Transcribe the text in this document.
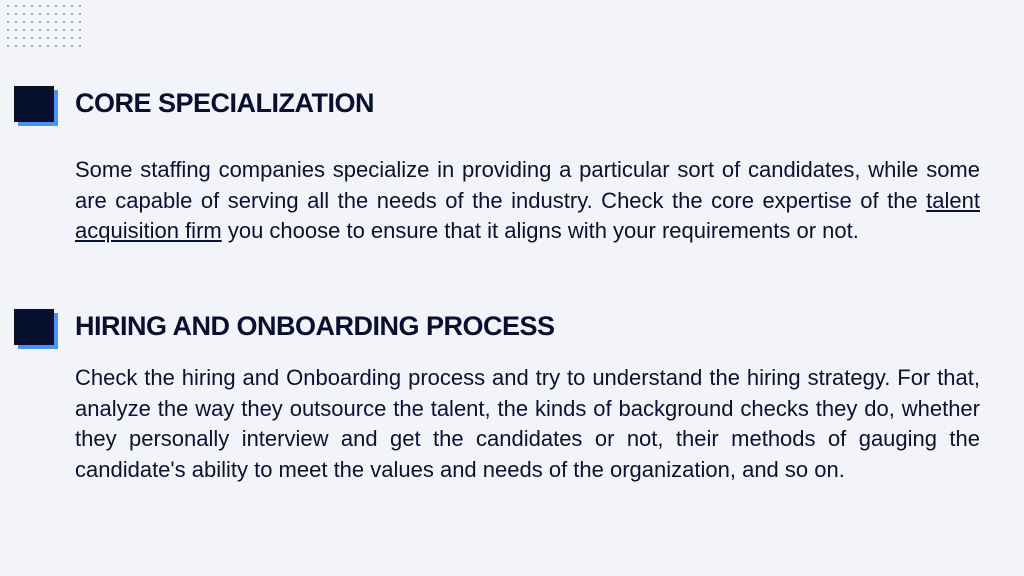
CORE SPECIALIZATION

Some staffing companies specialize in providing a particular sort of candidates, while some are capable of serving all the needs of the industry. Check the core expertise of the talent acquisition firm you choose to ensure that it aligns with your requirements or not.

HIRING AND ONBOARDING PROCESS

Check the hiring and Onboarding process and try to understand the hiring strategy. For that, analyze the way they outsource the talent, the kinds of background checks they do, whether they personally interview and get the candidates or not, their methods of gauging the candidate's ability to meet the values and needs of the organization, and so on.
